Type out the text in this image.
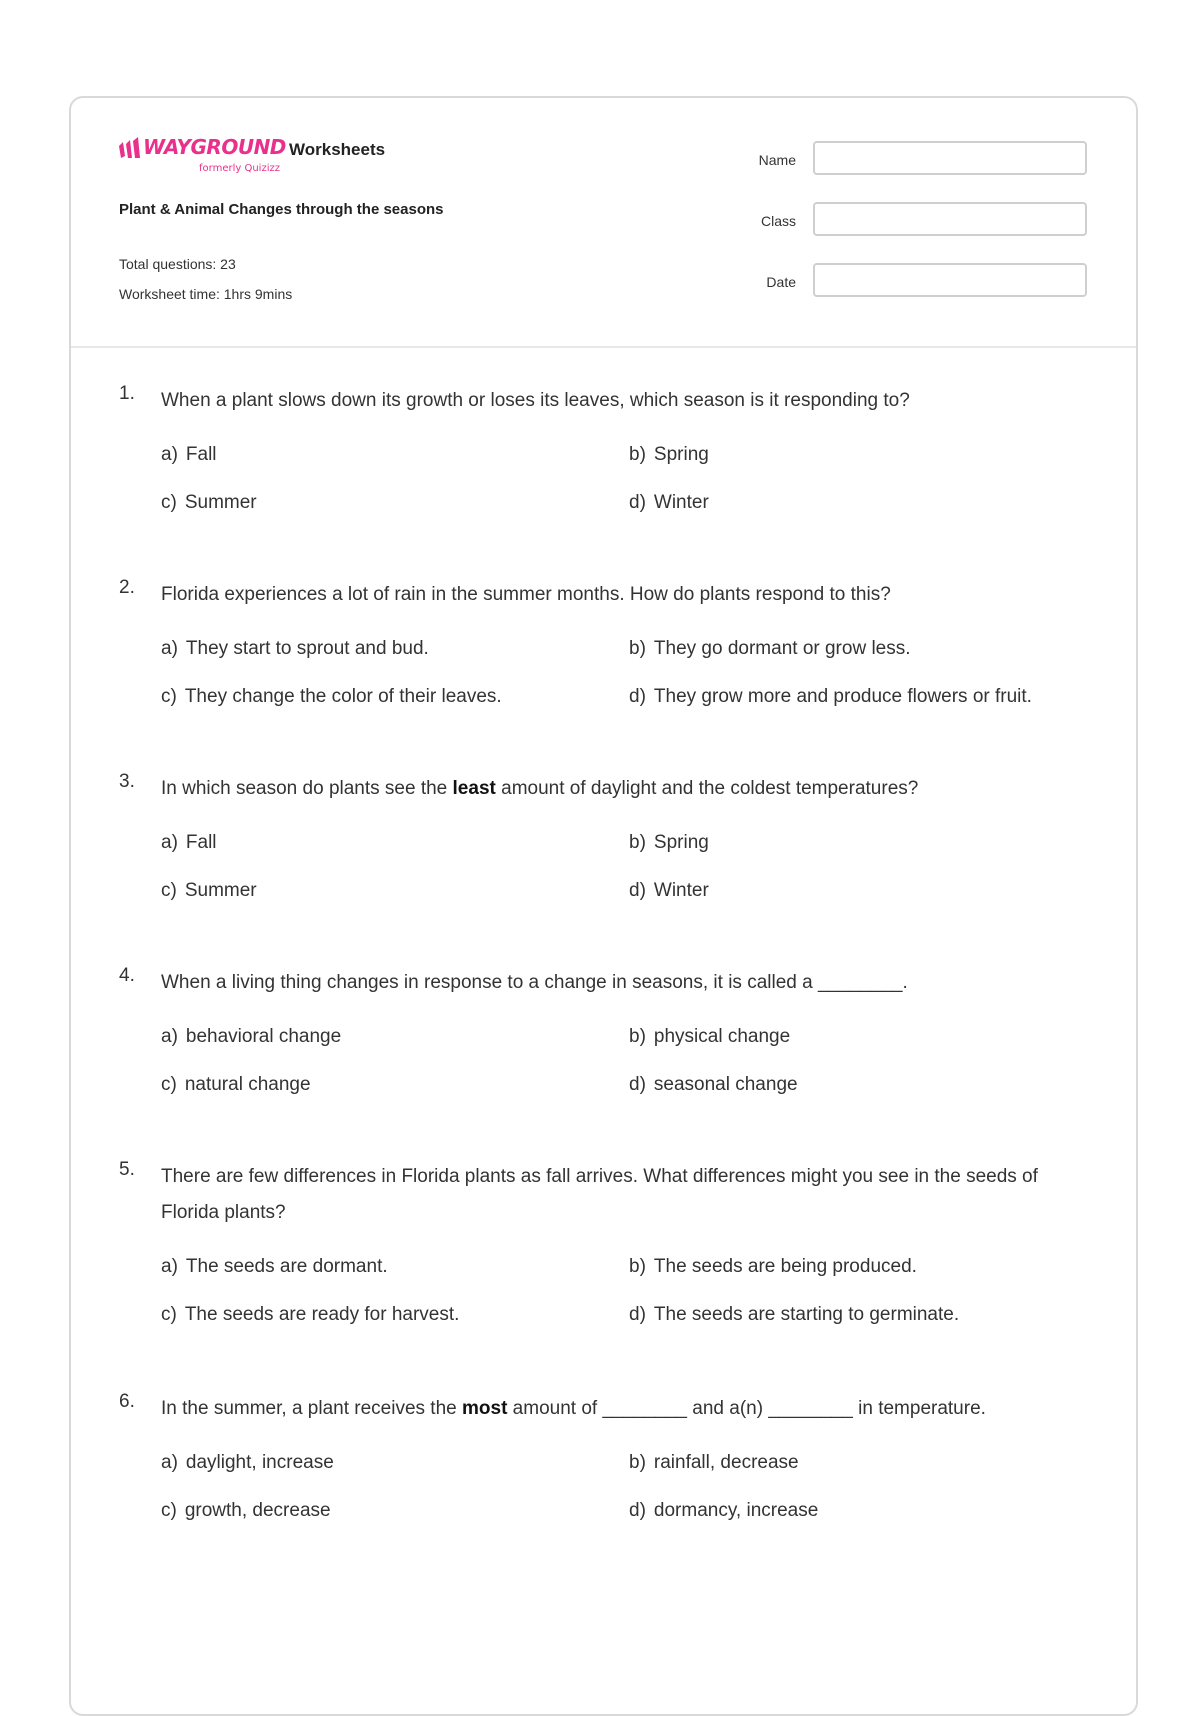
WAYGROUND
formerly Quizizz
Worksheets
Plant & Animal Changes through the seasons
Total questions: 23
Worksheet time: 1hrs 9mins
Name
Class
Date
1. When a plant slows down its growth or loses its leaves, which season is it responding to?
a) Fall	b) Spring
c) Summer	d) Winter
2. Florida experiences a lot of rain in the summer months. How do plants respond to this?
a) They start to sprout and bud.	b) They go dormant or grow less.
c) They change the color of their leaves.	d) They grow more and produce flowers or fruit.
3. In which season do plants see the least amount of daylight and the coldest temperatures?
a) Fall	b) Spring
c) Summer	d) Winter
4. When a living thing changes in response to a change in seasons, it is called a ________.
a) behavioral change	b) physical change
c) natural change	d) seasonal change
5. There are few differences in Florida plants as fall arrives. What differences might you see in the seeds of Florida plants?
a) The seeds are dormant.	b) The seeds are being produced.
c) The seeds are ready for harvest.	d) The seeds are starting to germinate.
6. In the summer, a plant receives the most amount of ________ and a(n) ________ in temperature.
a) daylight, increase	b) rainfall, decrease
c) growth, decrease	d) dormancy, increase
